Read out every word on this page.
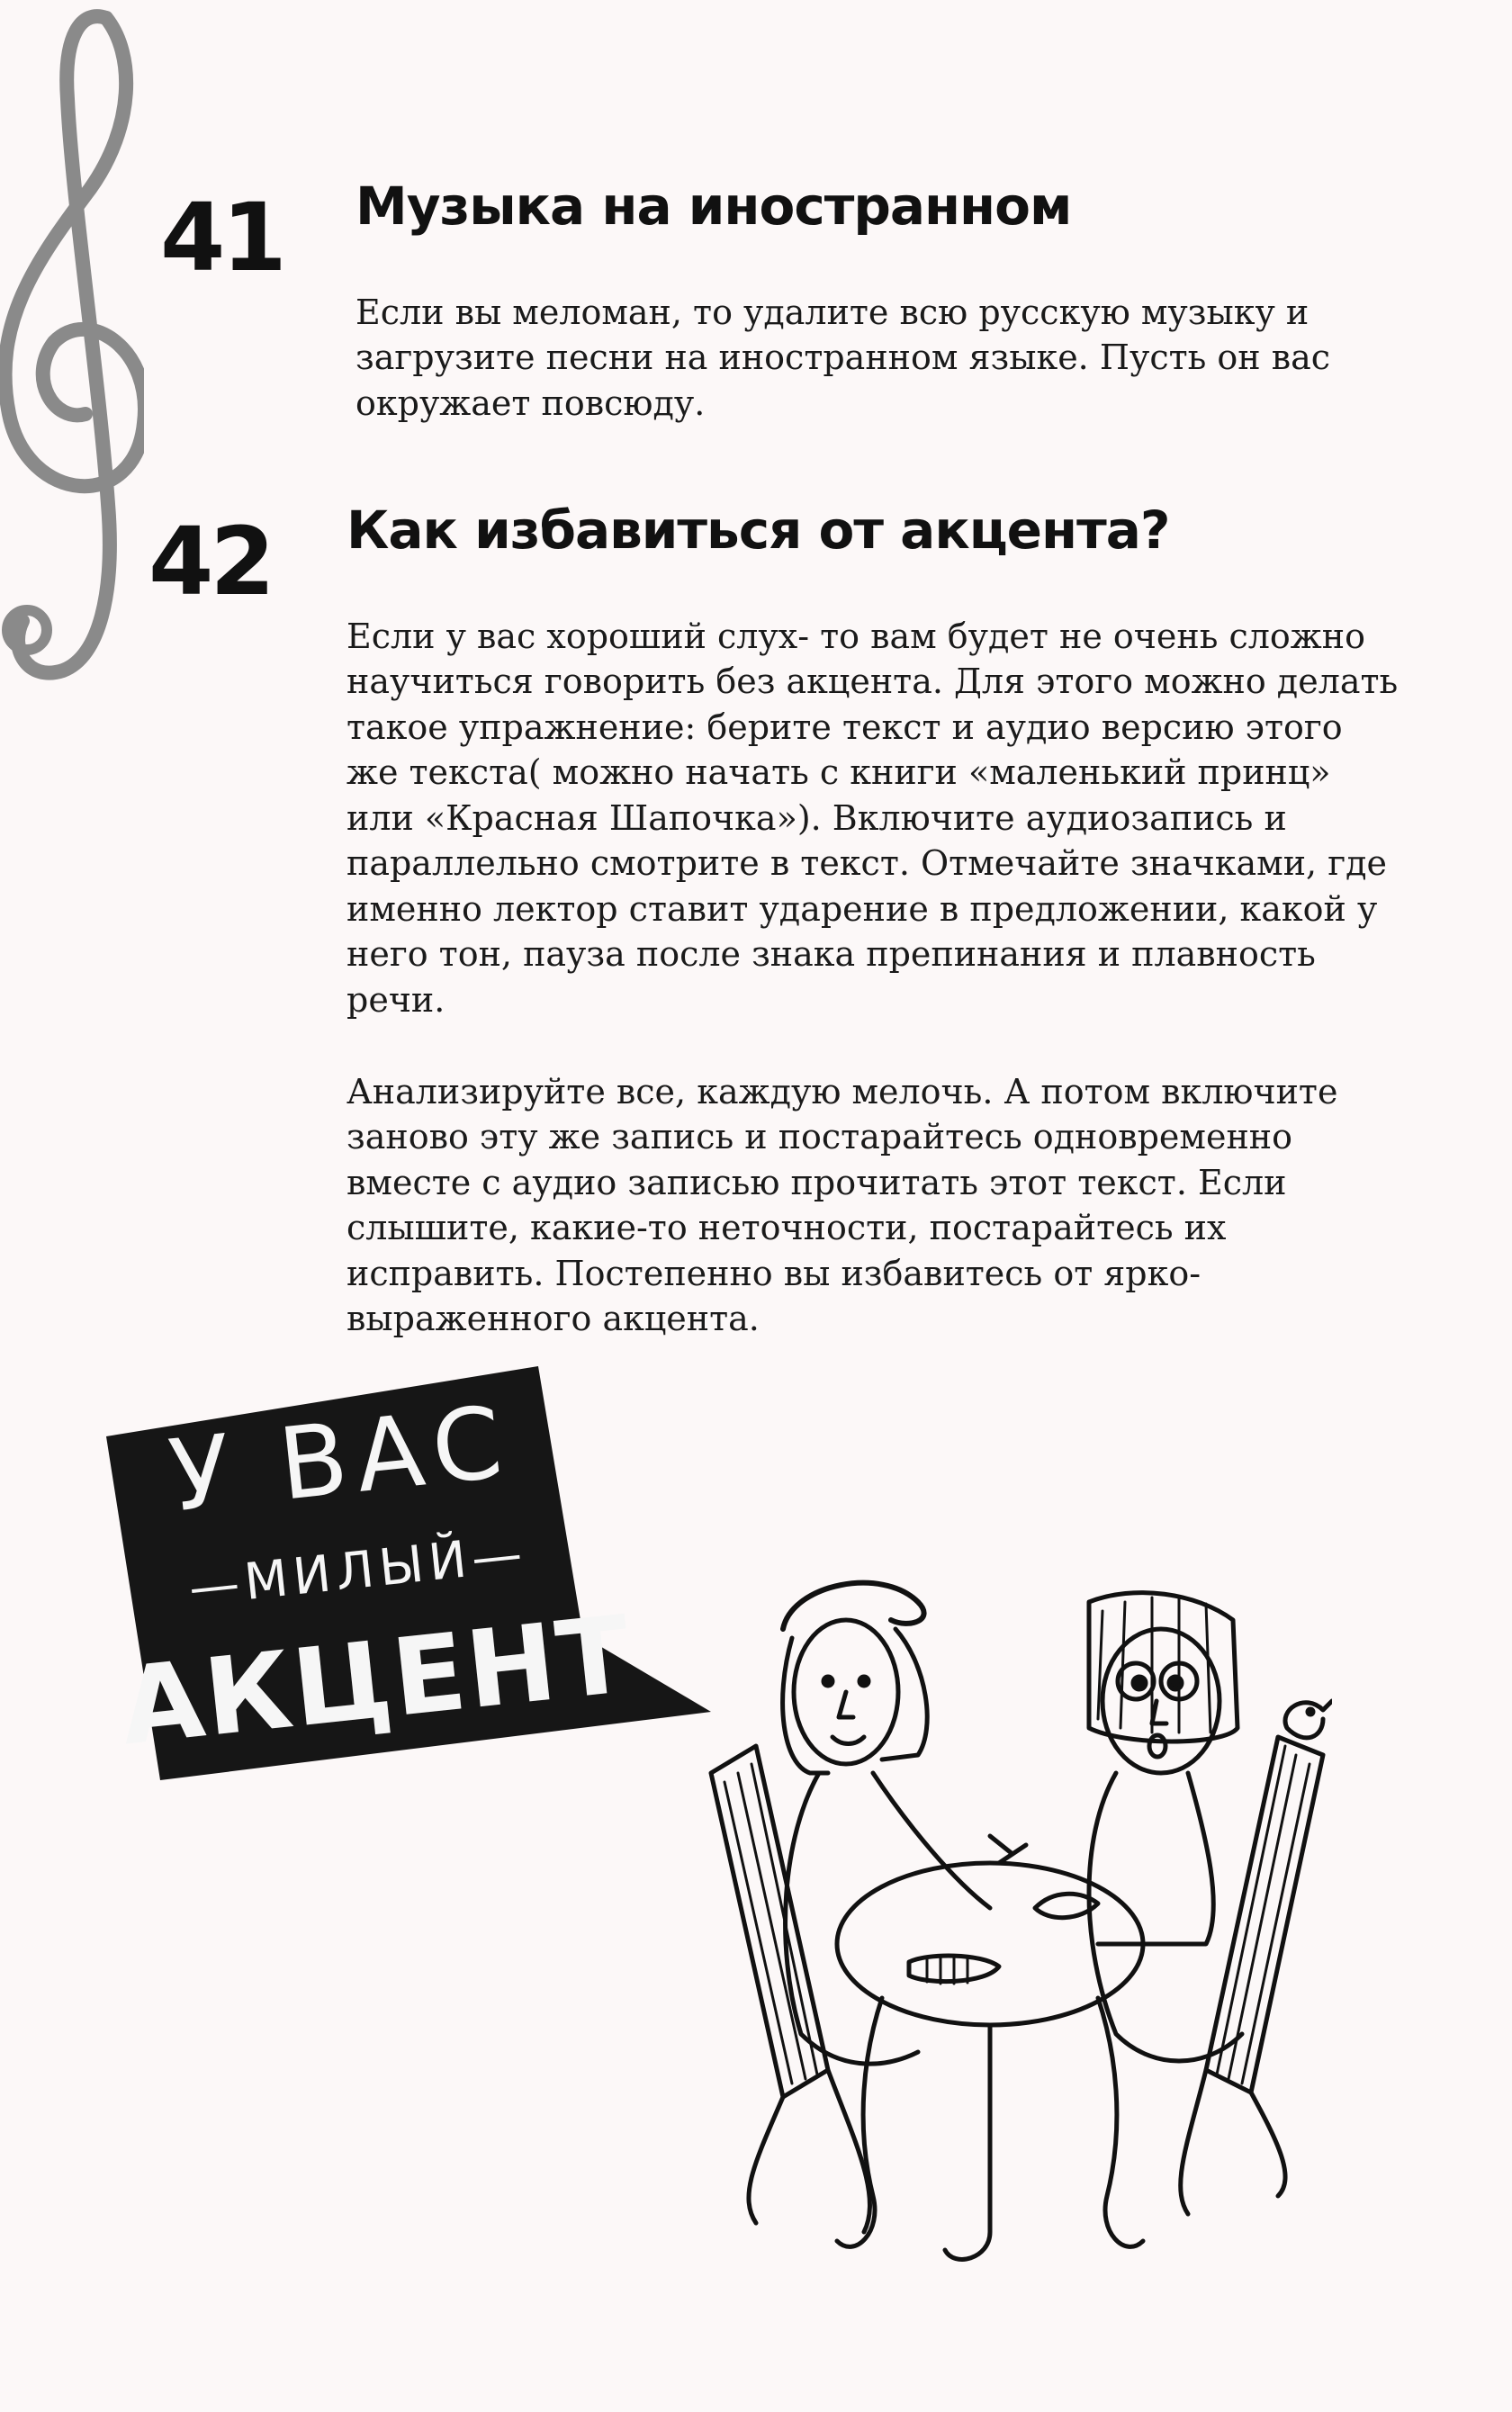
41 Музыка на иностранном

Если вы меломан, то удалите всю русскую музыку и

загрузите песни на иностранном языке. Пусть он вас

окружает повсюду.

42 Как избавиться от акцента?

Если у вас хороший слух- то вам будет не очень сложно

научиться говорить без акцента. Для этого можно делать

такое упражнение: берите текст и аудио версию этого

же текста( можно начать с книги «маленький принц»

или «Красная Шапочка»). Включите аудиозапись и

параллельно смотрите в текст. Отмечайте значками, где

именно лектор ставит ударение в предложении, какой у

него тон, пауза после знака препинания и плавность

речи.

Анализируйте все, каждую мелочь. А потом включите

заново эту же запись и постарайтесь одновременно

вместе с аудио записью прочитать этот текст. Если

слышите, какие-то неточности, постарайтесь их

исправить. Постепенно вы избавитесь от ярко-

выраженного акцента.

У ВАС
—МИЛЫЙ—
АКЦЕНТ
